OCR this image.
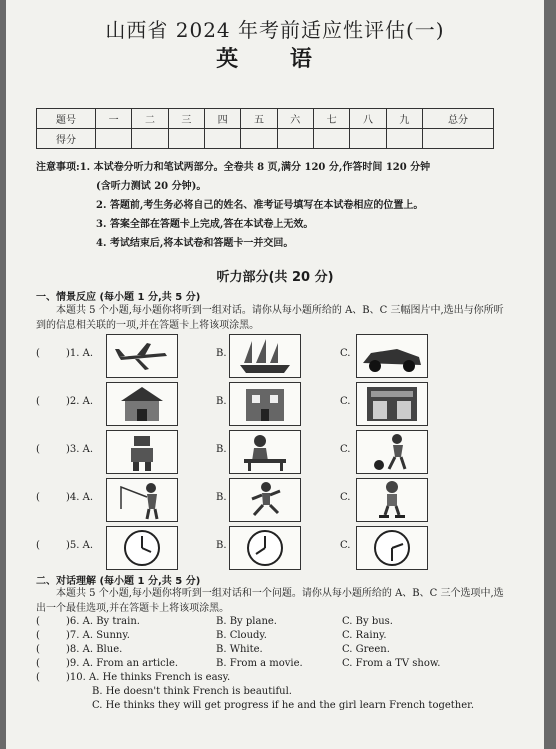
山西省 2024 年考前适应性评估(一)
英 语
题号	一	二	三	四	五	六	七	八	九	总分
得分										
注意事项: 1. 本试卷分听力和笔试两部分。全卷共 8 页,满分 120 分,作答时间 120 分钟
(含听力测试 20 分钟)。
2. 答题前,考生务必将自己的姓名、准考证号填写在本试卷相应的位置上。
3. 答案全部在答题卡上完成,答在本试卷上无效。
4. 考试结束后,将本试卷和答题卡一并交回。
听力部分(共 20 分)
一、情景反应 (每小题 1 分,共 5 分)
本题共 5 个小题,每小题你将听到一组对话。请你从每小题所给的 A、B、C 三幅图片中,选出与你所听到的信息相关联的一项,并在答题卡上将该项涂黑。
(	)1. A.	B.	C.
(	)2. A.	B.	C.
(	)3. A.	B.	C.
(	)4. A.	B.	C.
(	)5. A.	B.	C.
二、对话理解 (每小题 1 分,共 5 分)
本题共 5 个小题,每小题你将听到一组对话和一个问题。请你从每小题所给的 A、B、C 三个选项中,选出一个最佳选项,并在答题卡上将该项涂黑。
(	)6. A. By train.	B. By plane.	C. By bus.
(	)7. A. Sunny.	B. Cloudy.	C. Rainy.
(	)8. A. Blue.	B. White.	C. Green.
(	)9. A. From an article.	B. From a movie.	C. From a TV show.
(	)10. A. He thinks French is easy.
B. He doesn't think French is beautiful.
C. He thinks they will get progress if he and the girl learn French together.
